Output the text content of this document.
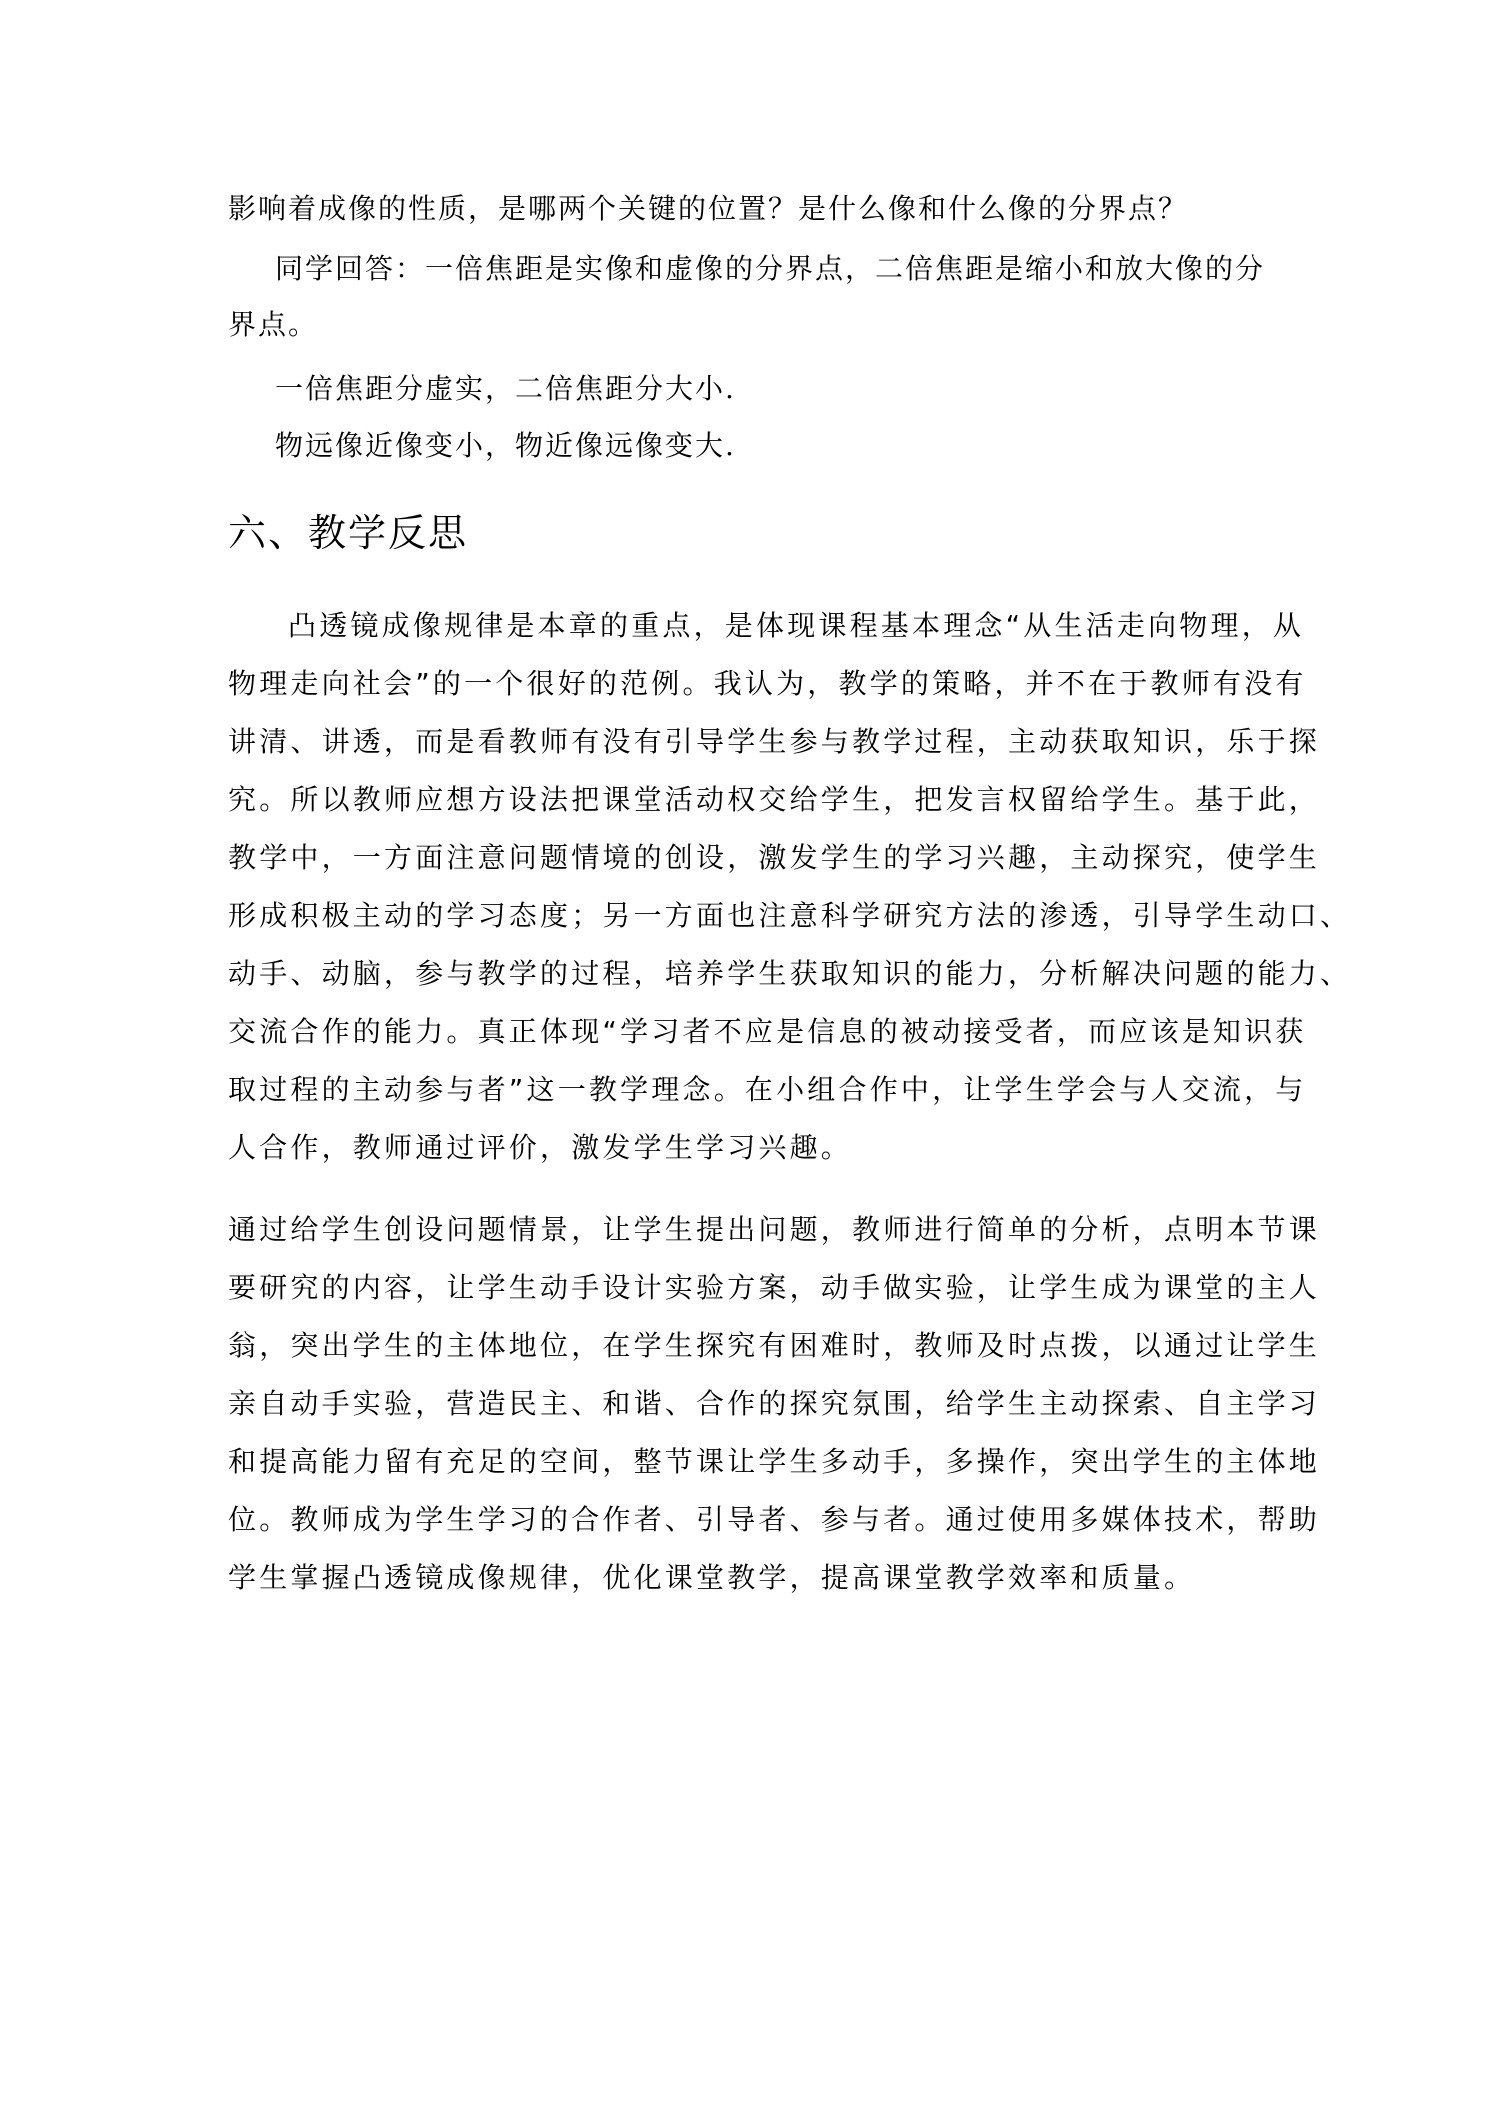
影响着成像的性质，是哪两个关键的位置？是什么像和什么像的分界点？
同学回答：一倍焦距是实像和虚像的分界点，二倍焦距是缩小和放大像的分
界点。
一倍焦距分虚实，二倍焦距分大小.
物远像近像变小，物近像远像变大.
六、教学反思
凸透镜成像规律是本章的重点，是体现课程基本理念“从生活走向物理，从
物理走向社会”的一个很好的范例。我认为，教学的策略，并不在于教师有没有
讲清、讲透，而是看教师有没有引导学生参与教学过程，主动获取知识，乐于探
究。所以教师应想方设法把课堂活动权交给学生，把发言权留给学生。基于此，
教学中，一方面注意问题情境的创设，激发学生的学习兴趣，主动探究，使学生
形成积极主动的学习态度；另一方面也注意科学研究方法的渗透，引导学生动口、
动手、动脑，参与教学的过程，培养学生获取知识的能力，分析解决问题的能力、
交流合作的能力。真正体现“学习者不应是信息的被动接受者，而应该是知识获
取过程的主动参与者”这一教学理念。在小组合作中，让学生学会与人交流，与
人合作，教师通过评价，激发学生学习兴趣。
通过给学生创设问题情景，让学生提出问题，教师进行简单的分析，点明本节课
要研究的内容，让学生动手设计实验方案，动手做实验，让学生成为课堂的主人
翁，突出学生的主体地位，在学生探究有困难时，教师及时点拨，以通过让学生
亲自动手实验，营造民主、和谐、合作的探究氛围，给学生主动探索、自主学习
和提高能力留有充足的空间，整节课让学生多动手，多操作，突出学生的主体地
位。教师成为学生学习的合作者、引导者、参与者。通过使用多媒体技术，帮助
学生掌握凸透镜成像规律，优化课堂教学，提高课堂教学效率和质量。
